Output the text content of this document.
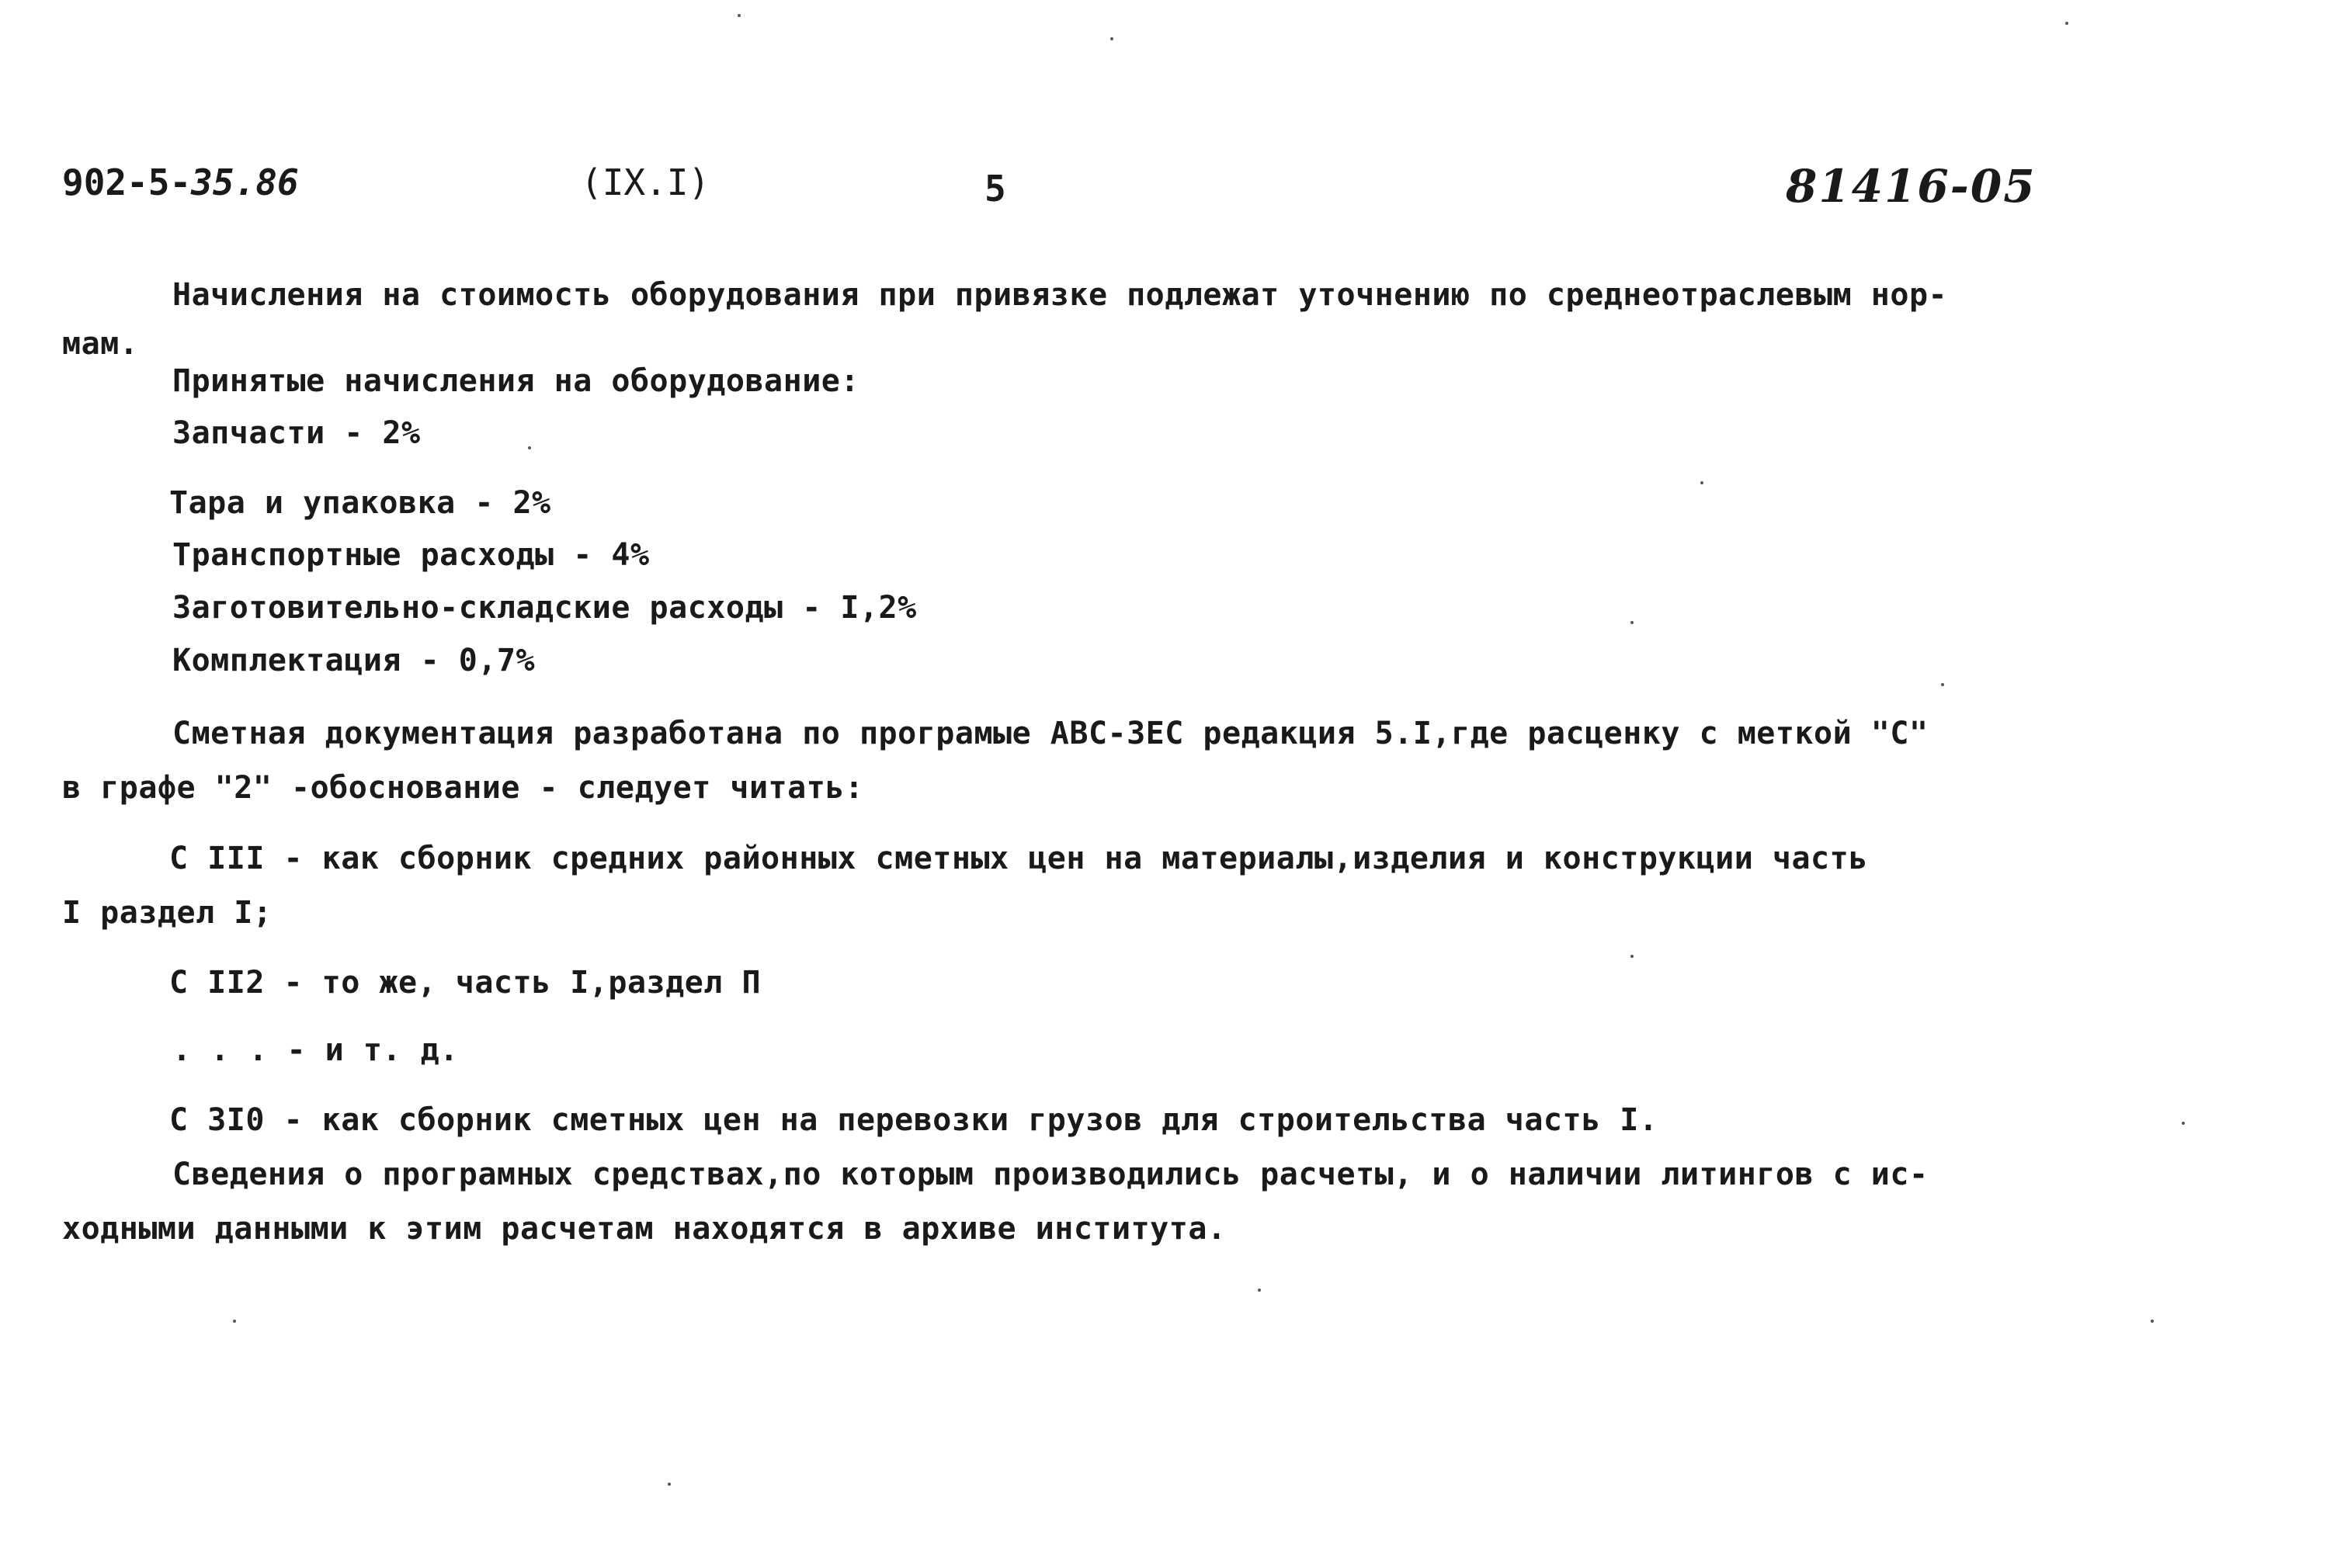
902-5-35.86	(IX.I)	5	81416-05
Начисления на стоимость оборудования при привязке подлежат уточнению по среднеотраслевым нор-
мам.
Принятые начисления на оборудование:
Запчасти - 2%
Тара и упаковка - 2%
Транспортные расходы - 4%
Заготовительно-складские расходы - I,2%
Комплектация - 0,7%
Сметная документация разработана по програмые АВС-ЗЕС редакция 5.I,где расценку с меткой "С"
в графе "2" -обоснование - следует читать:
С III - как сборник средних районных сметных цен на материалы,изделия и конструкции часть
I раздел I;
С II2 - то же, часть I,раздел П
. . . - и т. д.
С 3I0 - как сборник сметных цен на перевозки грузов для строительства часть I.
Сведения о програмных средствах,по которым производились расчеты, и о наличии литингов с ис-
ходными данными к этим расчетам находятся в архиве института.
